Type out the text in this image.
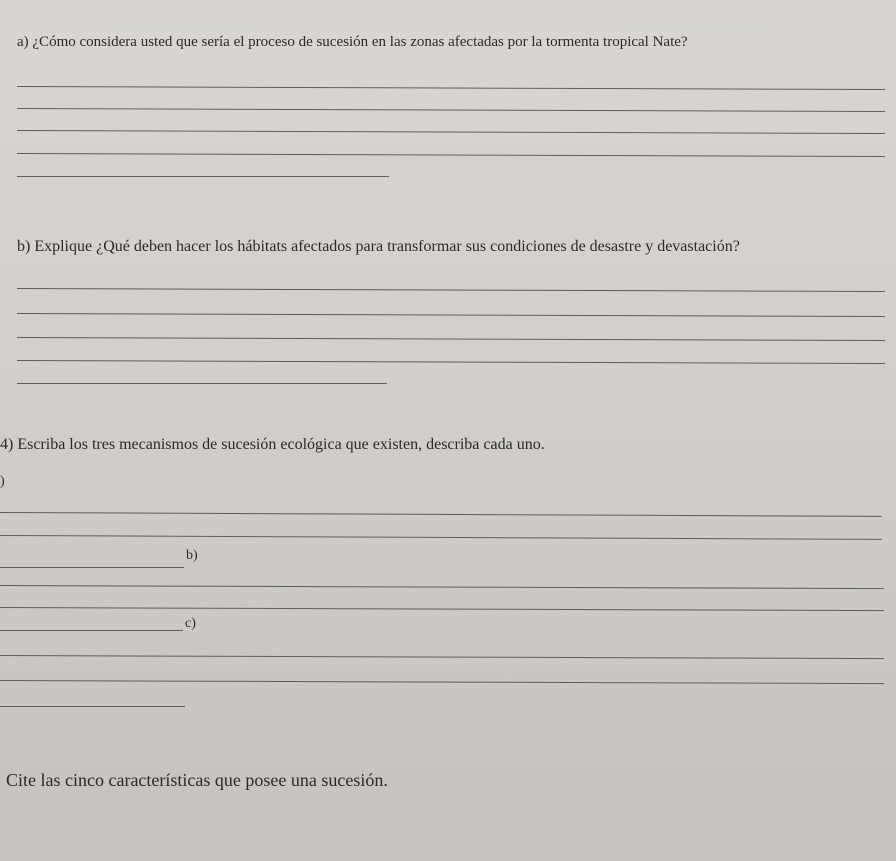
a) ¿Cómo considera usted que sería el proceso de sucesión en las zonas afectadas por la tormenta tropical Nate?
b) Explique ¿Qué deben hacer los hábitats afectados para transformar sus condiciones de desastre y devastación?
4) Escriba los tres mecanismos de sucesión ecológica que existen, describa cada uno.
)
b)
c)
Cite las cinco características que posee una sucesión.
